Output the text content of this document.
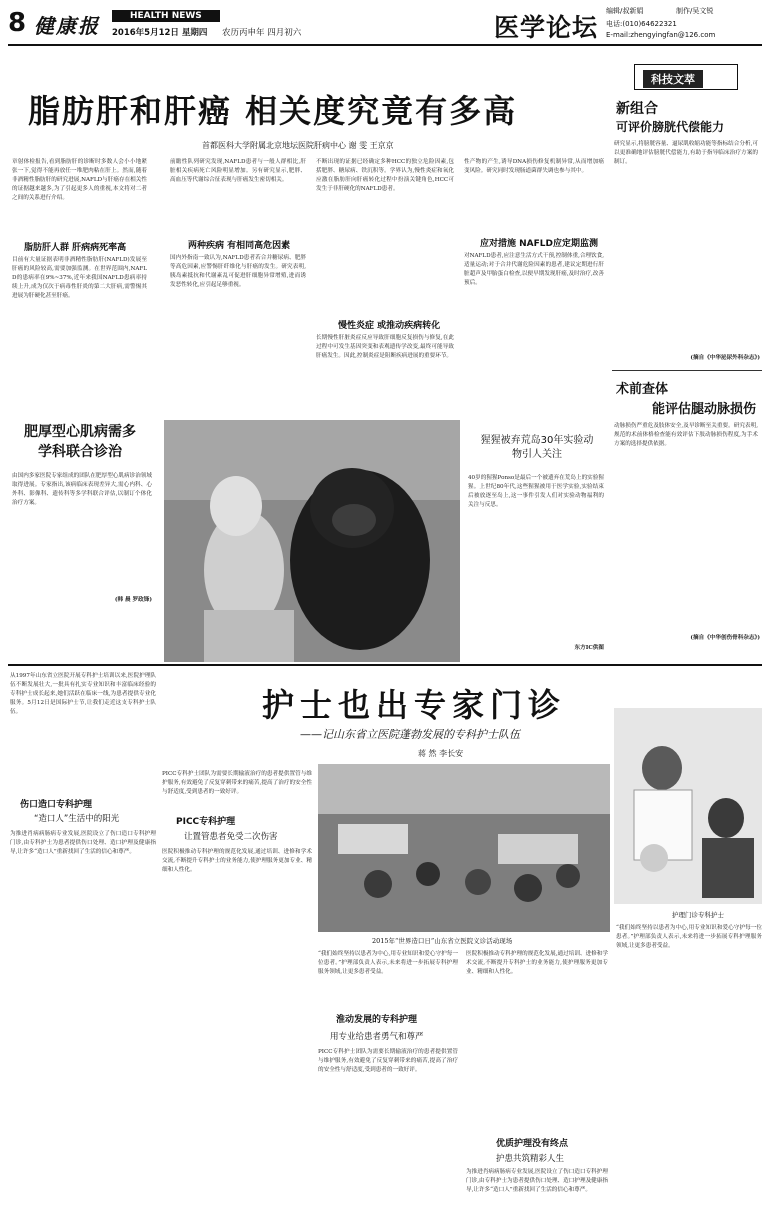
8 健康报	HEALTH NEWS
2016年5月12日 星期四 农历丙申年 四月初六	医学论坛
编辑/叔新娟	制作/吴文锐
电话:(010)64622321
E-mail:zhengyingfan@126.com
脂肪肝和肝癌 相关度究竟有多高
首都医科大学附属北京地坛医院肝病中心 谢 雯 王京京
章射体检报告,看到脂肪肝的诊断时多数人会小小地紧张一下,觉得不能再放任一堆肥肉粘在肝上。然而,随着非酒精性脂肪肝的研究进展,NAFLD与肝癌存在相关性的证据越来越多,为了引起更多人的重视,本文将对二者之间的关系进行介绍。
脂肪肝人群 肝病病死率高
目前有大量证据表明非酒精性脂肪肝(NAFLD)发展至肝癌的风险较高,需要加强监测。在世界范围内,NAFLD的患病率在9%~37%,近年来我国NAFLD患病率持续上升,成为仅次于病毒性肝炎的第二大肝病,需警惕其进展为肝硬化甚至肝癌。
前瞻性队列研究发现,NAFLD患者与一般人群相比,肝脏相关疾病死亡风险明显增加。另有研究显示,肥胖、高血压等代谢综合征表现与肝癌发生密切相关。
两种疾病 有相同高危因素
国内外指南一致认为,NAFLD患者若合并糖尿病、肥胖等高危因素,应警惕肝纤维化与肝癌的发生。研究表明,胰岛素抵抗和代谢紊乱可促进肝细胞异常增殖,进而诱发恶性转化,应引起足够重视。
不断出现的证据已经确定多种HCC的独立危险因素,包括肥胖、糖尿病、铁沉积等。学界认为,慢性炎症和氧化应激在脂肪肝向肝癌转化过程中扮演关键角色,HCC可发生于非肝硬化的NAFLD患者。
慢性炎症 或推动疾病转化
长期慢性肝脏炎症反应导致肝细胞反复损伤与修复,在此过程中可发生基因突变和表观遗传学改变,最终可能导致肝癌发生。因此,控制炎症是阻断疾病进展的重要环节。
性产物的产生,诱导DNA损伤修复机制异常,从而增加癌变风险。研究同时发现肠道菌群失调也参与其中。
应对措施 NAFLD应定期监测
对NAFLD患者,应注意生活方式干预,控制体重,合理饮食,适量运动;对于合并代谢危险因素的患者,建议定期进行肝脏超声及甲胎蛋白检查,以便早期发现肝癌,及时治疗,改善预后。
科技文萃
新组合
可评价膀胱代偿能力
研究显示,将膀胱容量、逼尿肌收缩功能等指标结合分析,可以更准确地评估膀胱代偿能力,有助于指导临床治疗方案的制订。
(摘自《中华泌尿外科杂志》)
术前查体
能评估腿动脉损伤
动脉损伤严重危及肢体安全,及早诊断至关重要。研究表明,规范的术前体格检查能有效评估下肢动脉损伤程度,为手术方案的选择提供依据。
(摘自《中华创伤骨科杂志》)
肥厚型心肌病需多学科联合诊治
由国内多家医院专家组成的团队在肥厚型心肌病诊治领域取得进展。专家指出,该病临床表现差异大,需心内科、心外科、影像科、遗传科等多学科联合评估,以制订个体化治疗方案。
(韩 晨 罗政锋)
猩猩被弃荒岛30年实验动物引人关注
40岁的猩猩Ponso是最后一个被遗弃在荒岛上的实验猩猩。上世纪80年代,这些猩猩被用于医学实验,实验结束后被放逐至岛上,这一事件引发人们对实验动物福利的关注与反思。
东方IC供图
从1997年山东省立医院开展专科护士培训以来,医院护理队伍不断发展壮大,一批具有扎实专业知识和丰富临床经验的专科护士成长起来,她们活跃在临床一线,为患者提供专业化服务。5月12日是国际护士节,让我们走近这支专科护士队伍。	护士也出专家门诊
——记山东省立医院蓬勃发展的专科护士队伍
蒋 然 李长安
伤口造口专科护理
“造口人”生活中的阳光
为推进肖病病肠病专业发展,医院设立了伤口造口专科护理门诊,由专科护士为患者提供伤口处理、造口护理及健康指导,让许多“造口人”重新找回了生活的信心和尊严。
PICC专科护士团队为需要长期输液治疗的患者提供置管与维护服务,有效避免了反复穿刺带来的痛苦,提高了治疗的安全性与舒适度,受到患者的一致好评。
PICC专科护理
让置管患者免受二次伤害
医院积极推动专科护理的规范化发展,通过培训、进修和学术交流,不断提升专科护士的业务能力,使护理服务更加专业、精细和人性化。
2015年“世界造口日”山东省立医院义诊活动现场
护理门诊专科护士
“我们始终坚持以患者为中心,用专业知识和爱心守护每一位患者。”护理部负责人表示,未来将进一步拓展专科护理服务领域,让更多患者受益。
淮动发展的专科护理
用专业给患者勇气和尊严
PICC专科护士团队为需要长期输液治疗的患者提供置管与维护服务,有效避免了反复穿刺带来的痛苦,提高了治疗的安全性与舒适度,受到患者的一致好评。
医院积极推动专科护理的规范化发展,通过培训、进修和学术交流,不断提升专科护士的业务能力,使护理服务更加专业、精细和人性化。
优质护理没有终点
护患共筑精彩人生
为推进肖病病肠病专业发展,医院设立了伤口造口专科护理门诊,由专科护士为患者提供伤口处理、造口护理及健康指导,让许多“造口人”重新找回了生活的信心和尊严。
“我们始终坚持以患者为中心,用专业知识和爱心守护每一位患者。”护理部负责人表示,未来将进一步拓展专科护理服务领域,让更多患者受益。
